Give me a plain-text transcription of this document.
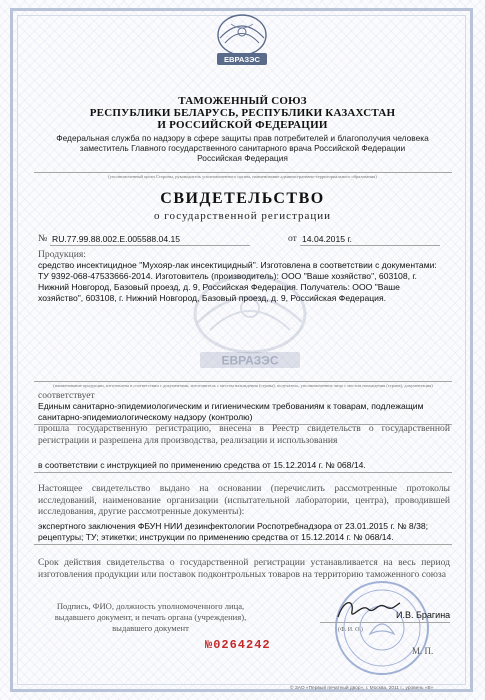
ЕВРАЗЭС
ТАМОЖЕННЫЙ СОЮЗ
РЕСПУБЛИКИ БЕЛАРУСЬ, РЕСПУБЛИКИ КАЗАХСТАН
И РОССИЙСКОЙ ФЕДЕРАЦИИ
Федеральная служба по надзору в сфере защиты прав потребителей и благополучия человека
заместитель Главного государственного санитарного врача Российской Федерации
Российская Федерация
(уполномоченный орган Стороны, руководитель уполномоченного органа, наименование административно-территориального образования)
СВИДЕТЕЛЬСТВО
о государственной регистрации
№ RU.77.99.88.002.Е.005588.04.15	от 14.04.2015 г.
Продукция:
средство инсектицидное "Мухояр-лак инсектицидный". Изготовлена в соответствии с документами:
ТУ 9392-068-47533666-2014. Изготовитель (производитель): ООО "Ваше хозяйство", 603108, г.
Нижний Новгород, Базовый проезд, д. 9, Российская Федерация. Получатель: ООО "Ваше
хозяйство", 603108, г. Нижний Новгород, Базовый проезд, д. 9, Российская Федерация.
ЕВРАЗЭС
(наименование продукции, изготовлена в соответствии с документами, изготовитель с местом нахождения (страна), получатель, уполномоченное лицо с местом нахождения (страна), документация)
соответствует
Единым санитарно-эпидемиологическим и гигиеническим требованиям к товарам, подлежащим
санитарно-эпидемиологическому надзору (контролю)
прошла государственную регистрацию, внесена в Реестр свидетельств о государственной регистрации и разрешена для производства, реализации и использования
в соответствии с инструкцией по применению средства от 15.12.2014 г. № 068/14.
Настоящее свидетельство выдано на основании (перечислить рассмотренные протоколы исследований, наименование организации (испытательной лаборатории, центра), проводившей исследования, другие рассмотренные документы):
экспертного заключения ФБУН НИИ дезинфектологии Роспотребнадзора от 23.01.2015 г. № 8/38;
рецептуры; ТУ; этикетки; инструкции по применению средства от 15.12.2014 г. № 068/14.
Срок действия свидетельства о государственной регистрации устанавливается на весь период изготовления продукции или поставок подконтрольных товаров на территорию таможенного союза
Подпись, ФИО, должность уполномоченного лица, выдавшего документ, и печать органа (учреждения), выдавшего документ
И.В. Брагина
(Ф. И. О.)
М. П.
№0264242
© ЗАО «Первый печатный двор», г. Москва, 2011 г., уровень «В»
